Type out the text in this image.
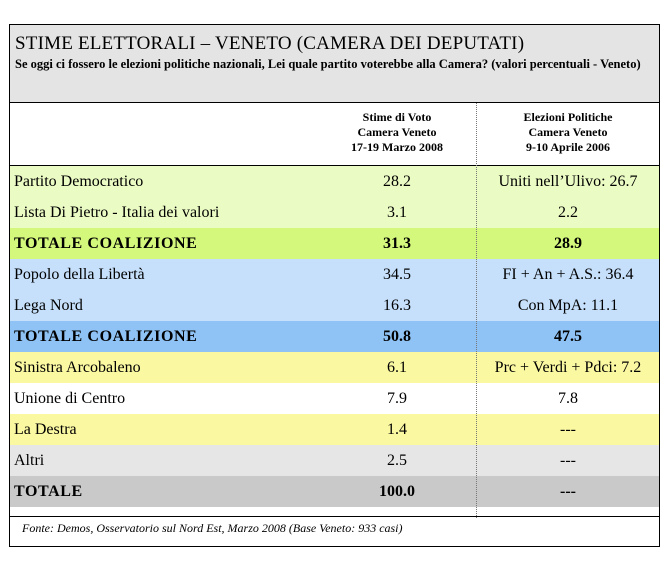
STIME ELETTORALI – VENETO (CAMERA DEI DEPUTATI)
Se oggi ci fossero le elezioni politiche nazionali, Lei quale partito voterebbe alla Camera? (valori percentuali - Veneto)
Stime di Voto
Camera Veneto
17-19 Marzo 2008
Elezioni Politiche
Camera Veneto
9-10 Aprile 2006
Partito Democratico	28.2	Uniti nell’Ulivo: 26.7
Lista Di Pietro - Italia dei valori	3.1	2.2
TOTALE COALIZIONE	31.3	28.9
Popolo della Libertà	34.5	FI + An + A.S.: 36.4
Lega Nord	16.3	Con MpA: 11.1
TOTALE COALIZIONE	50.8	47.5
Sinistra Arcobaleno	6.1	Prc + Verdi + Pdci: 7.2
Unione di Centro	7.9	7.8
La Destra	1.4	---
Altri	2.5	---
TOTALE	100.0	---
Fonte: Demos, Osservatorio sul Nord Est, Marzo 2008 (Base Veneto: 933 casi)
